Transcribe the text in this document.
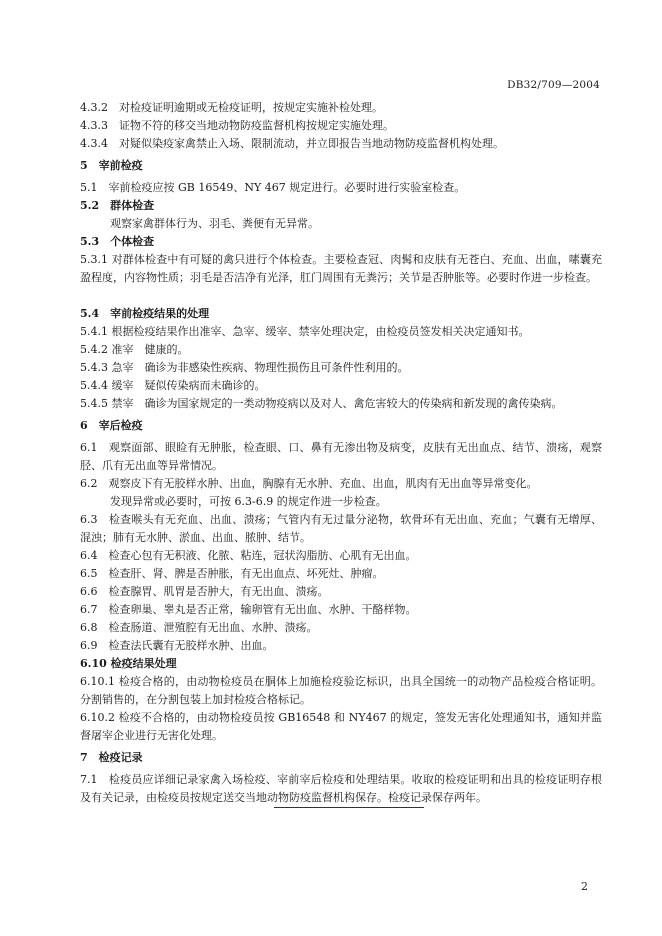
DB32/709—2004
4.3.2　对检疫证明逾期或无检疫证明，按规定实施补检处理。
4.3.3　证物不符的移交当地动物防疫监督机构按规定实施处理。
4.3.4　对疑似染疫家禽禁止入场、限制流动，并立即报告当地动物防疫监督机构处理。
5　宰前检疫
5.1　宰前检疫应按 GB 16549、NY 467 规定进行。必要时进行实验室检查。
5.2　群体检查
观察家禽群体行为、羽毛、粪便有无异常。
5.3　个体检查
5.3.1 对群体检查中有可疑的禽只进行个体检查。主要检查冠、肉髯和皮肤有无苍白、充血、出血，嗉囊充盈程度，内容物性质；羽毛是否洁净有光泽，肛门周围有无粪污；关节是否肿胀等。必要时作进一步检查。
5.4　宰前检疫结果的处理
5.4.1 根据检疫结果作出准宰、急宰、缓宰、禁宰处理决定，由检疫员签发相关决定通知书。
5.4.2 准宰　健康的。
5.4.3 急宰　确诊为非感染性疾病、物理性损伤且可条件性利用的。
5.4.4 缓宰　疑似传染病而未确诊的。
5.4.5 禁宰　确诊为国家规定的一类动物疫病以及对人、禽危害较大的传染病和新发现的禽传染病。
6　宰后检疫
6.1　观察面部、眼睑有无肿胀，检查眼、口、鼻有无渗出物及病变，皮肤有无出血点、结节、溃疡，观察胫、爪有无出血等异常情况。
6.2　观察皮下有无胶样水肿、出血，胸腺有无水肿、充血、出血，肌肉有无出血等异常变化。
发现异常或必要时，可按 6.3-6.9 的规定作进一步检查。
6.3　检查喉头有无充血、出血、溃疡；气管内有无过量分泌物，软骨环有无出血、充血；气囊有无增厚、混浊；肺有无水肿、淤血、出血、脓肿、结节。
6.4　检查心包有无积液、化脓、粘连，冠状沟脂肪、心肌有无出血。
6.5　检查肝、肾、脾是否肿胀，有无出血点、坏死灶、肿瘤。
6.6　检查腺胃、肌胃是否肿大，有无出血、溃疡。
6.7　检查卵巢、睾丸是否正常，输卵管有无出血、水肿、干酪样物。
6.8　检查肠道、泄殖腔有无出血、水肿、溃疡。
6.9　检查法氏囊有无胶样水肿、出血。
6.10 检疫结果处理
6.10.1 检疫合格的，由动物检疫员在胴体上加施检疫验讫标识，出具全国统一的动物产品检疫合格证明。分割销售的，在分割包装上加封检疫合格标记。
6.10.2 检疫不合格的，由动物检疫员按 GB16548 和 NY467 的规定，签发无害化处理通知书，通知并监督屠宰企业进行无害化处理。
7　检疫记录
7.1　检疫员应详细记录家禽入场检疫、宰前宰后检疫和处理结果。收取的检疫证明和出具的检疫证明存根及有关记录，由检疫员按规定送交当地动物防疫监督机构保存。检疫记录保存两年。
2
